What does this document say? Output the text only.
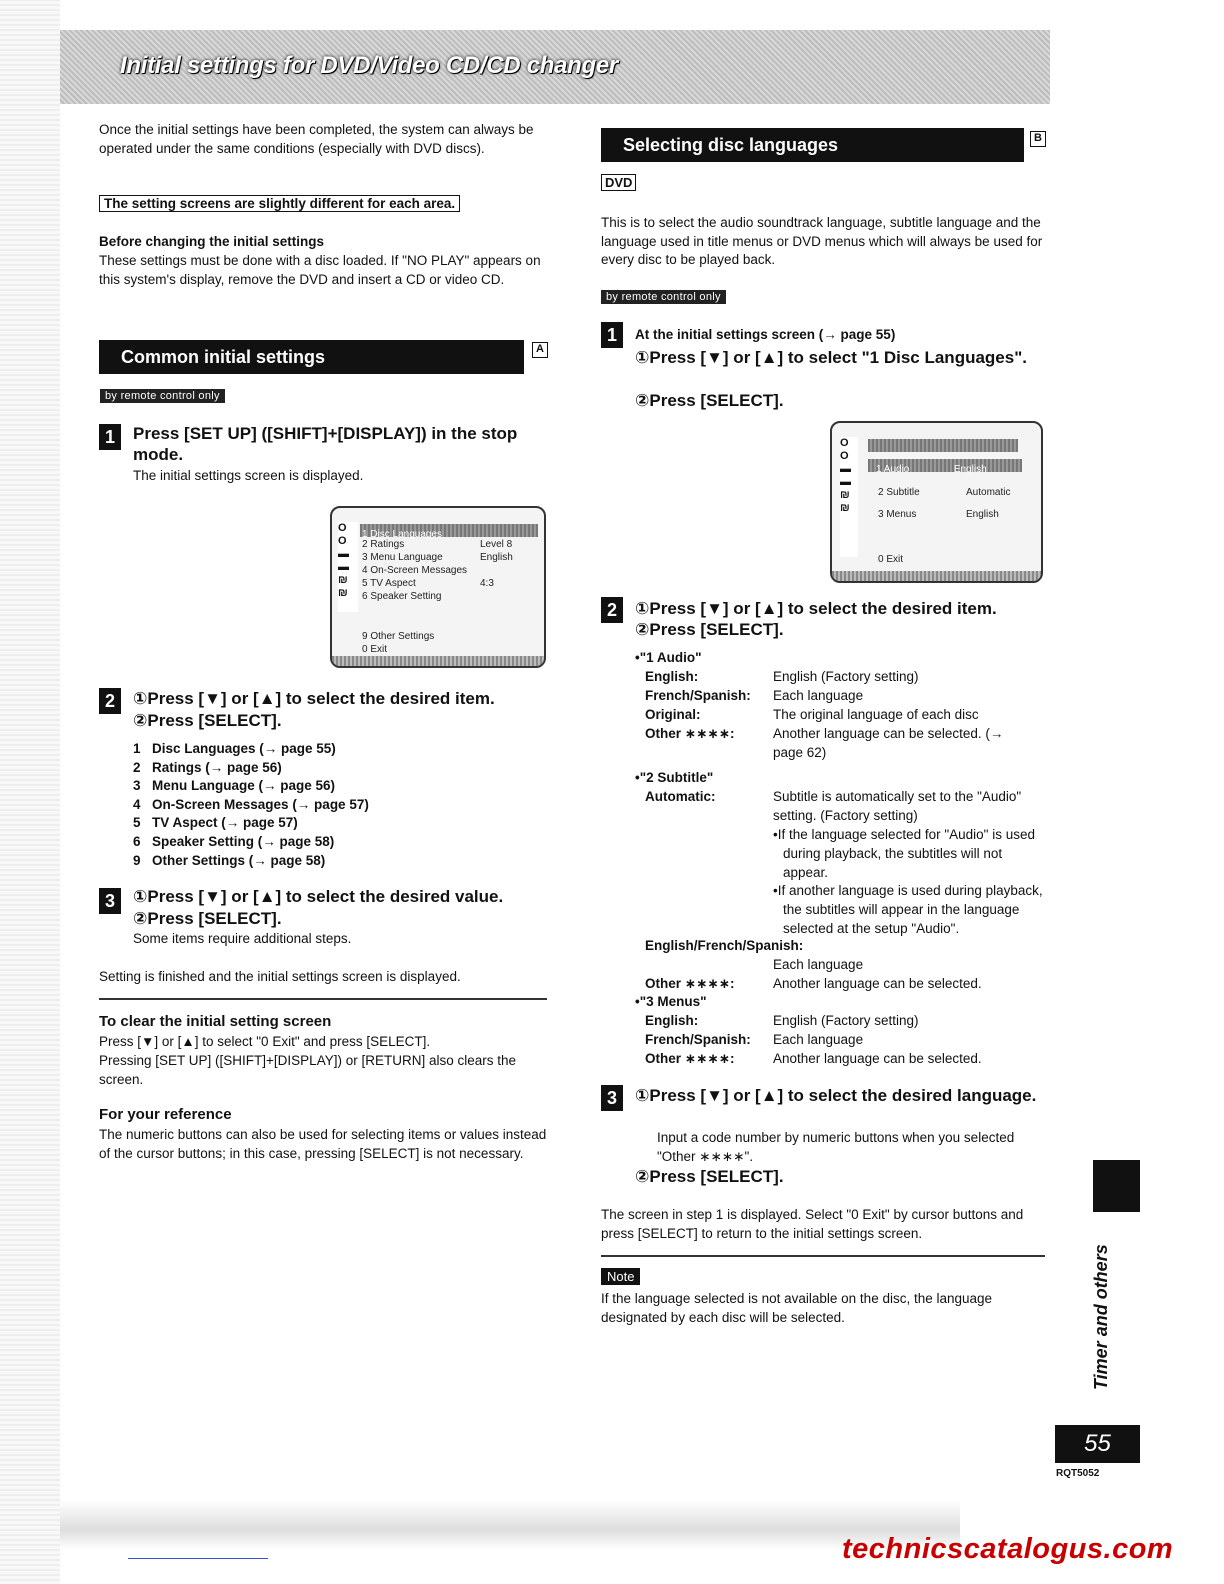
Initial settings for DVD/Video CD/CD changer

Once the initial settings have been completed, the system can always be operated under the same conditions (especially with DVD discs).

The setting screens are slightly different for each area.
Before changing the initial settings

These settings must be done with a disc loaded. If "NO PLAY" appears on this system's display, remove the DVD and insert a CD or video CD.

Common initial settings	A
by remote control only
1	Press [SET UP] ([SHIFT]+[DISPLAY]) in the stop mode.
The initial settings screen is displayed.
O
O
▬
▬
₪
₪
1 Disc Languages
2 Ratings	Level 8
3 Menu Language	English
4 On-Screen Messages
5 TV Aspect	4:3
6 Speaker Setting
9 Other Settings
0 Exit
2	①Press [▼] or [▲] to select the desired item.
②Press [SELECT].
1 Disc Languages (→ page 55)
2 Ratings (→ page 56)
3 Menu Language (→ page 56)
4 On-Screen Messages (→ page 57)
5 TV Aspect (→ page 57)
6 Speaker Setting (→ page 58)
9 Other Settings (→ page 58)
3	①Press [▼] or [▲] to select the desired value.
②Press [SELECT].
Some items require additional steps.
Setting is finished and the initial settings screen is displayed.
To clear the initial setting screen

Press [▼] or [▲] to select "0 Exit" and press [SELECT].

Pressing [SET UP] ([SHIFT]+[DISPLAY]) or [RETURN] also clears the screen.

For your reference

The numeric buttons can also be used for selecting items or values instead of the cursor buttons; in this case, pressing [SELECT] is not necessary.

Selecting disc languages	B
DVD

This is to select the audio soundtrack language, subtitle language and the language used in title menus or DVD menus which will always be used for every disc to be played back.

by remote control only
1	At the initial settings screen (→ page 55)
①Press [▼] or [▲] to select "1 Disc Languages".
②Press [SELECT].
O
O
▬
▬
₪
₪
1 Audio	English
2 Subtitle	Automatic
3 Menus	English
0 Exit
2	①Press [▼] or [▲] to select the desired item.
②Press [SELECT].
•"1 Audio"
English:	English (Factory setting)
French/Spanish: Each language
Original:	The original language of each disc
Other ∗∗∗∗:	Another language can be selected. (→ page 62)
•"2 Subtitle"
Automatic:	Subtitle is automatically set to the "Audio" setting. (Factory setting)
•If the language selected for "Audio" is used during playback, the subtitles will not appear.
•If another language is used during playback, the subtitles will appear in the language selected at the setup "Audio".
English/French/Spanish:
Each language
Other ∗∗∗∗:	Another language can be selected.
•"3 Menus"
English:	English (Factory setting)
French/Spanish: Each language
Other ∗∗∗∗:	Another language can be selected.
3	①Press [▼] or [▲] to select the desired language.
Input a code number by numeric buttons when you selected "Other ∗∗∗∗".
②Press [SELECT].

The screen in step 1 is displayed. Select "0 Exit" by cursor buttons and press [SELECT] to return to the initial settings screen.

Note

If the language selected is not available on the disc, the language designated by each disc will be selected.	Timer and others
55
RQT5052
technicscatalogus.com
